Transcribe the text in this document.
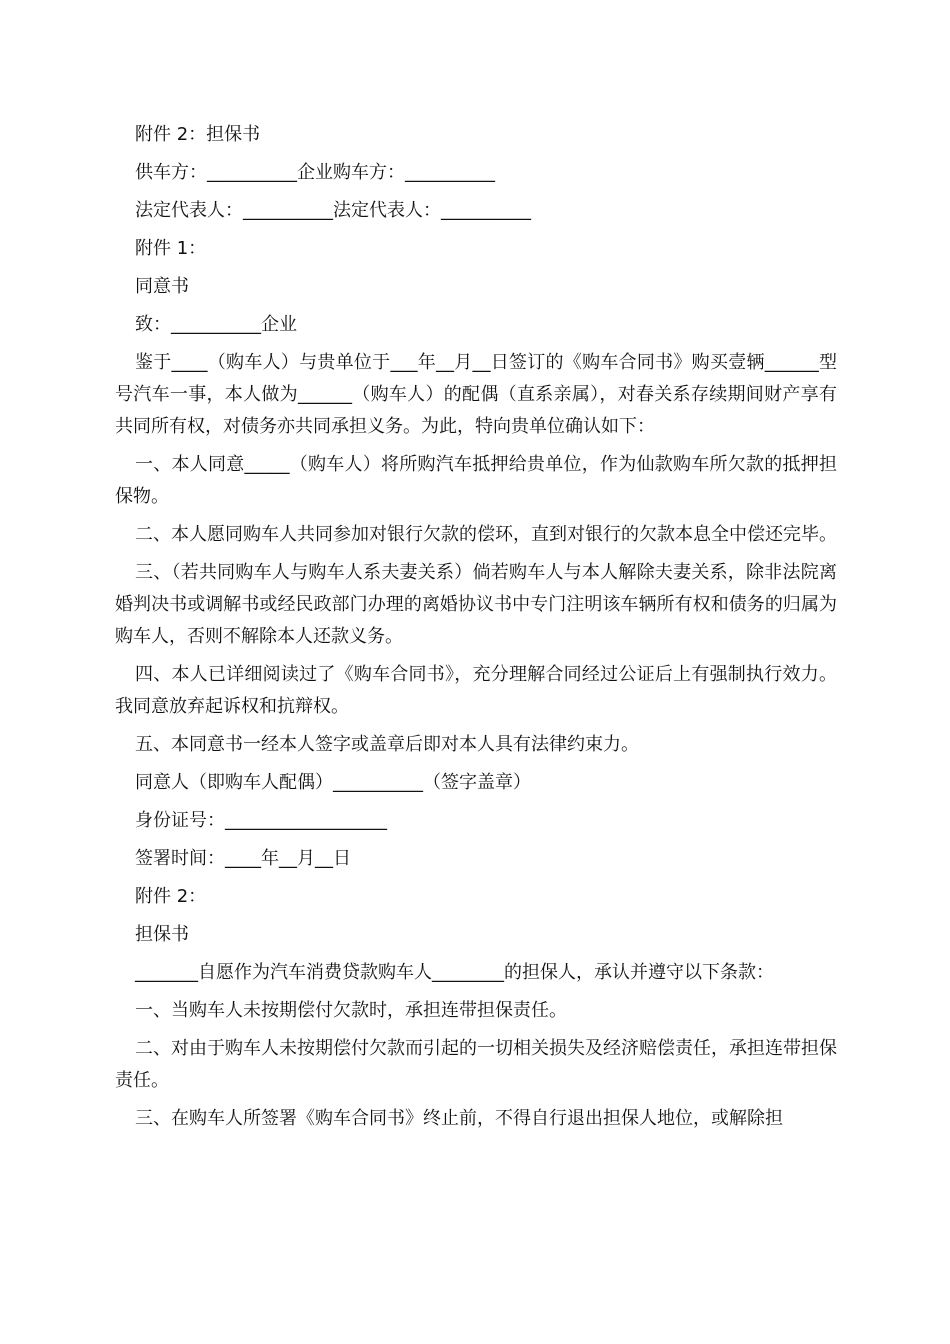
附件 2：担保书

供车方：__________企业购车方：__________

法定代表人：__________法定代表人：__________

附件 1：

同意书

致：__________企业

鉴于____（购车人）与贵单位于___年__月__日签订的《购车合同书》购买壹辆______型号汽车一事，本人做为______（购车人）的配偶（直系亲属），对春关系存续期间财产享有共同所有权，对债务亦共同承担义务。为此，特向贵单位确认如下：

一、本人同意_____（购车人）将所购汽车抵押给贵单位，作为仙款购车所欠款的抵押担保物。

二、本人愿同购车人共同参加对银行欠款的偿环，直到对银行的欠款本息全中偿还完毕。

三、（若共同购车人与购车人系夫妻关系）倘若购车人与本人解除夫妻关系，除非法院离婚判决书或调解书或经民政部门办理的离婚协议书中专门注明该车辆所有权和债务的归属为购车人，否则不解除本人还款义务。

四、本人已详细阅读过了《购车合同书》，充分理解合同经过公证后上有强制执行效力。我同意放弃起诉权和抗辩权。

五、本同意书一经本人签字或盖章后即对本人具有法律约束力。

同意人（即购车人配偶）__________（签字盖章）

身份证号：__________________

签署时间：____年__月__日

附件 2：

担保书

_______自愿作为汽车消费贷款购车人________的担保人，承认并遵守以下条款：

一、当购车人未按期偿付欠款时，承担连带担保责任。

二、对由于购车人未按期偿付欠款而引起的一切相关损失及经济赔偿责任，承担连带担保责任。

三、在购车人所签署《购车合同书》终止前，不得自行退出担保人地位，或解除担
